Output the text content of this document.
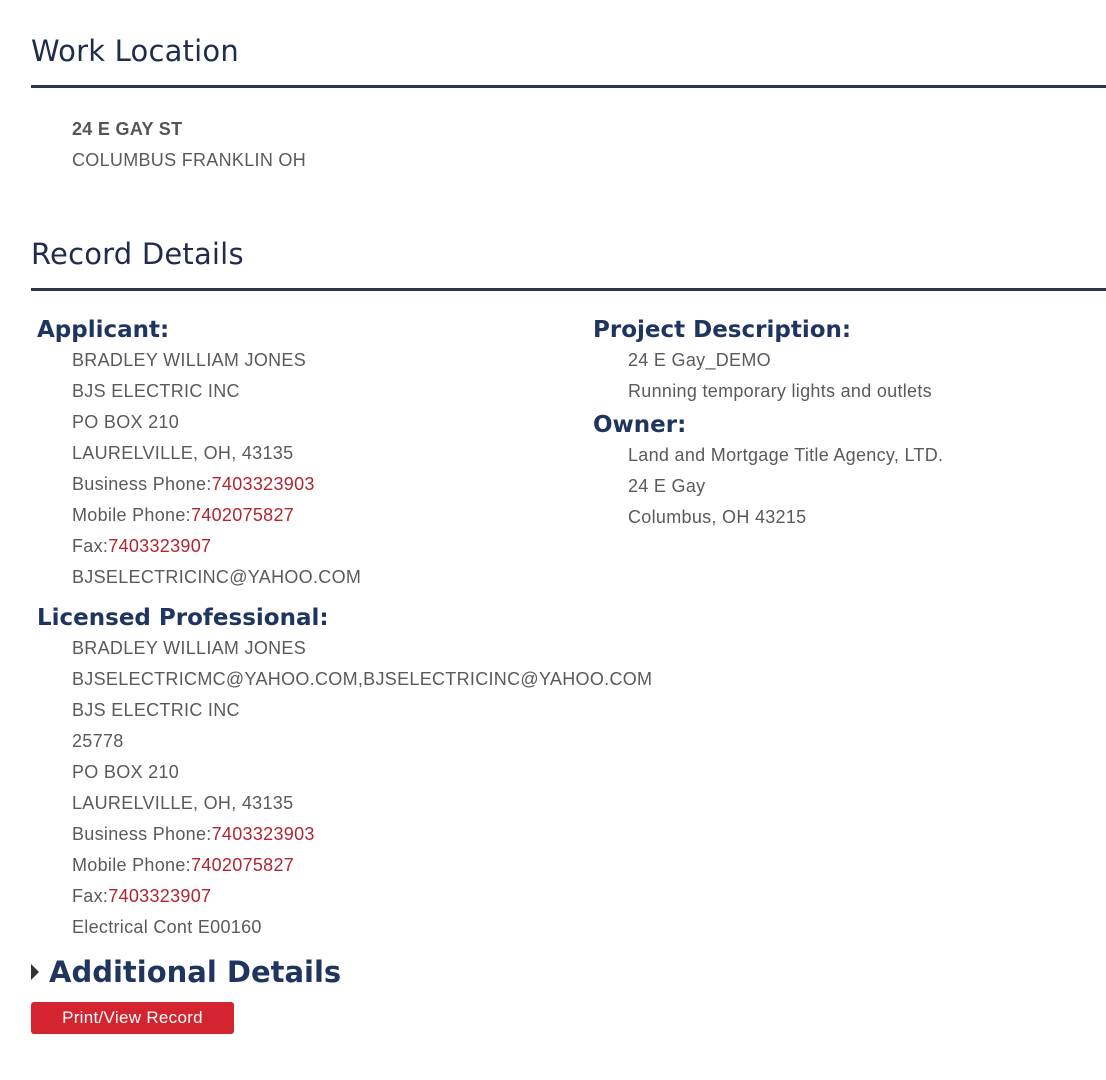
Work Location
24 E GAY ST
COLUMBUS FRANKLIN OH
Record Details
Applicant:
BRADLEY WILLIAM JONES
BJS ELECTRIC INC
PO BOX 210
LAURELVILLE, OH, 43135
Business Phone:7403323903
Mobile Phone:7402075827
Fax:7403323907
BJSELECTRICINC@YAHOO.COM
Licensed Professional:
BRADLEY WILLIAM JONES
BJSELECTRICMC@YAHOO.COM,BJSELECTRICINC@YAHOO.COM
BJS ELECTRIC INC
25778
PO BOX 210
LAURELVILLE, OH, 43135
Business Phone:7403323903
Mobile Phone:7402075827
Fax:7403323907
Electrical Cont E00160
Project Description:
24 E Gay_DEMO
Running temporary lights and outlets
Owner:
Land and Mortgage Title Agency, LTD.
24 E Gay
Columbus, OH 43215
Additional Details
Print/View Record
